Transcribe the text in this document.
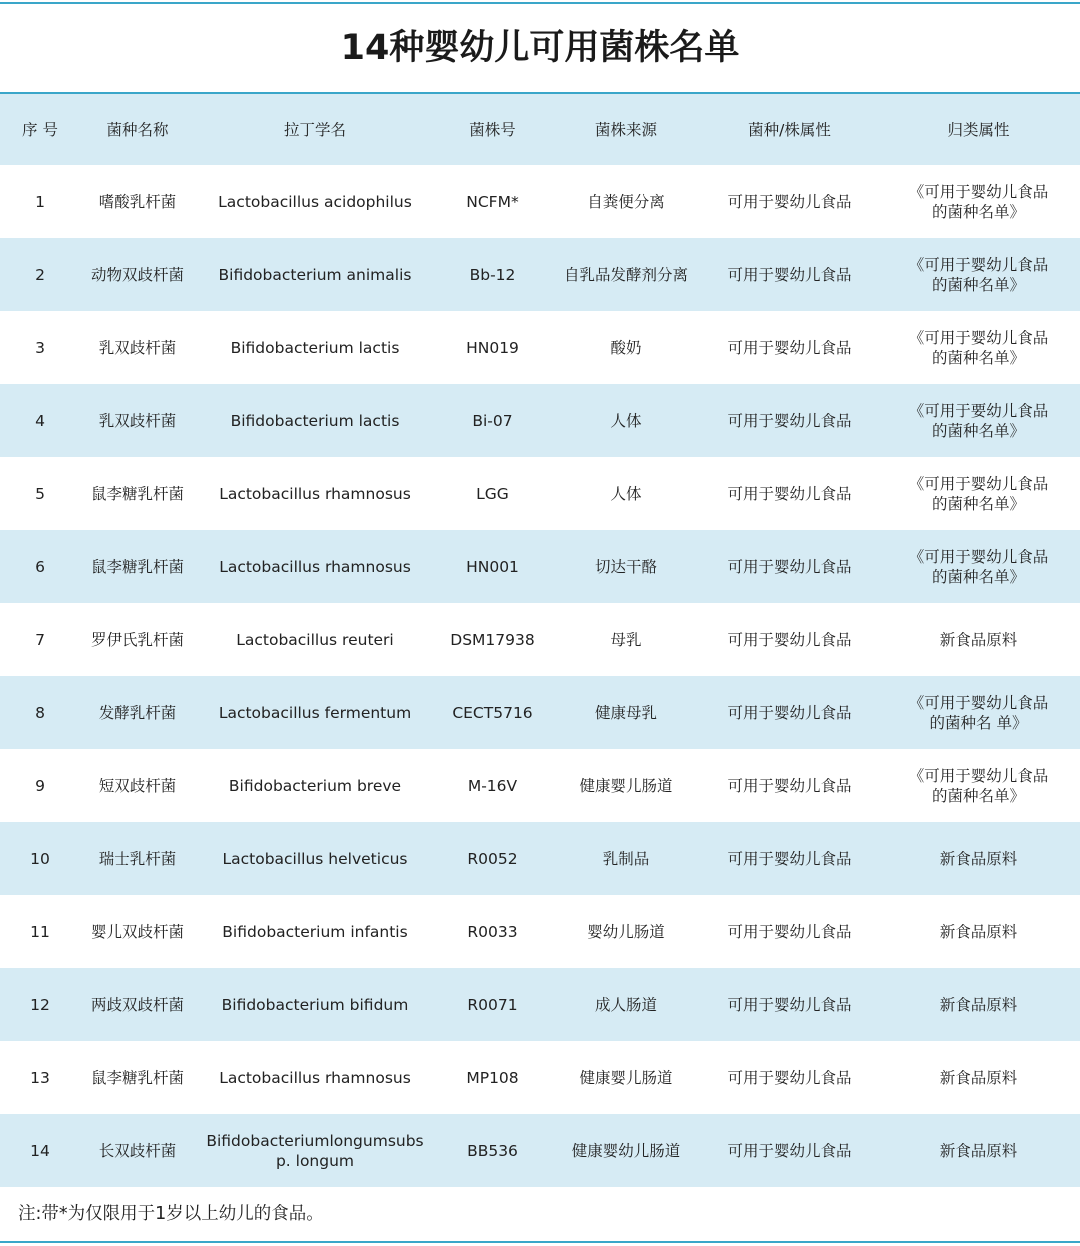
14种婴幼儿可用菌株名单
序 号	菌种名称	拉丁学名	菌株号	菌株来源	菌种/株属性	归类属性
1	嗜酸乳杆菌	Lactobacillus acidophilus	NCFM*	自粪便分离	可用于婴幼儿食品	《可用于婴幼儿食品的菌种名单》
2	动物双歧杆菌	Bifidobacterium animalis	Bb-12	自乳品发酵剂分离	可用于婴幼儿食品	《可用于婴幼儿食品的菌种名单》
3	乳双歧杆菌	Bifidobacterium lactis	HN019	酸奶	可用于婴幼儿食品	《可用于婴幼儿食品的菌种名单》
4	乳双歧杆菌	Bifidobacterium lactis	Bi-07	人体	可用于婴幼儿食品	《可用于要幼儿食品的菌种名单》
5	鼠李糖乳杆菌	Lactobacillus rhamnosus	LGG	人体	可用于婴幼儿食品	《可用于婴幼儿食品的菌种名单》
6	鼠李糖乳杆菌	Lactobacillus rhamnosus	HN001	切达干酪	可用于婴幼儿食品	《可用于婴幼儿食品的菌种名单》
7	罗伊氏乳杆菌	Lactobacillus reuteri	DSM17938	母乳	可用于婴幼儿食品	新食品原料
8	发酵乳杆菌	Lactobacillus fermentum	CECT5716	健康母乳	可用于婴幼儿食品	《可用于婴幼儿食品的菌种名 单》
9	短双歧杆菌	Bifidobacterium breve	M-16V	健康婴儿肠道	可用于婴幼儿食品	《可用于婴幼儿食品的菌种名单》
10	瑞士乳杆菌	Lactobacillus helveticus	R0052	乳制品	可用于婴幼儿食品	新食品原料
11	婴儿双歧杆菌	Bifidobacterium infantis	R0033	婴幼儿肠道	可用于婴幼儿食品	新食品原料
12	两歧双歧杆菌	Bifidobacterium bifidum	R0071	成人肠道	可用于婴幼儿食品	新食品原料
13	鼠李糖乳杆菌	Lactobacillus rhamnosus	MP108	健康婴儿肠道	可用于婴幼儿食品	新食品原料
14	长双歧杆菌	Bifidobacteriumlongumsubsp. longum	BB536	健康婴幼儿肠道	可用于婴幼儿食品	新食品原料
注:带*为仅限用于1岁以上幼儿的食品。
